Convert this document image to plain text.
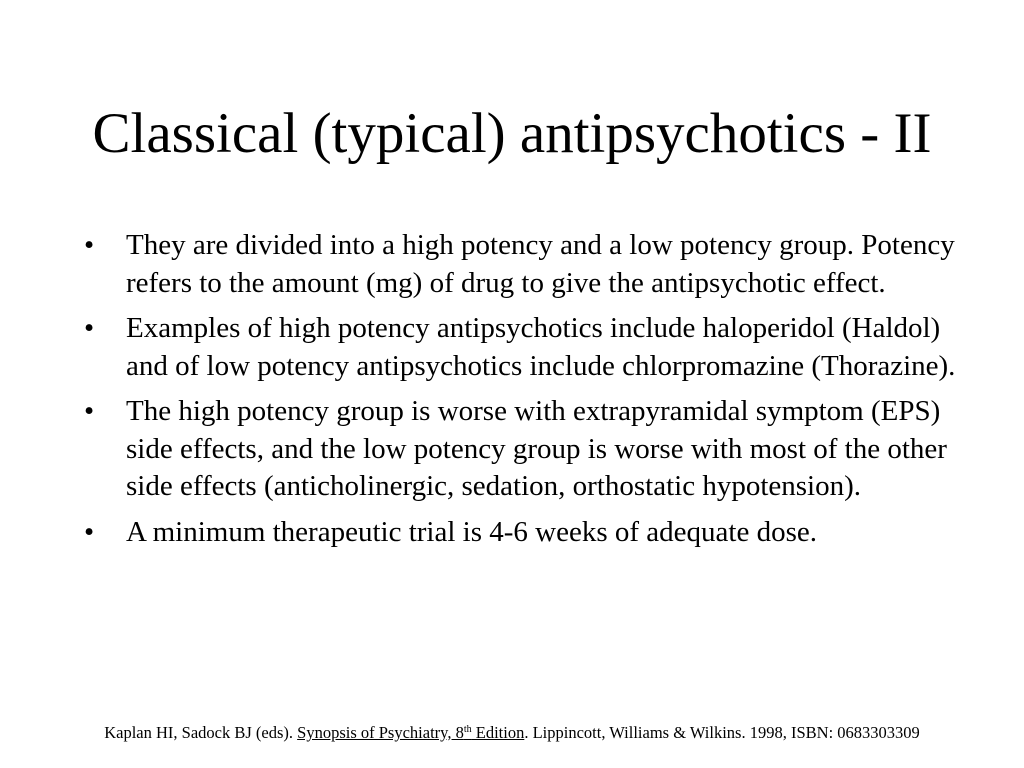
Classical (typical) antipsychotics - II
• They are divided into a high potency and a low potency group. Potency refers to the amount (mg) of drug to give the antipsychotic effect.
• Examples of high potency antipsychotics include haloperidol (Haldol) and of low potency antipsychotics include chlorpromazine (Thorazine).
• The high potency group is worse with extrapyramidal symptom (EPS) side effects, and the low potency group is worse with most of the other side effects (anticholinergic, sedation, orthostatic hypotension).
• A minimum therapeutic trial is 4-6 weeks of adequate dose.
Kaplan HI, Sadock BJ (eds). Synopsis of Psychiatry, 8th Edition. Lippincott, Williams & Wilkins. 1998, ISBN: 0683303309
